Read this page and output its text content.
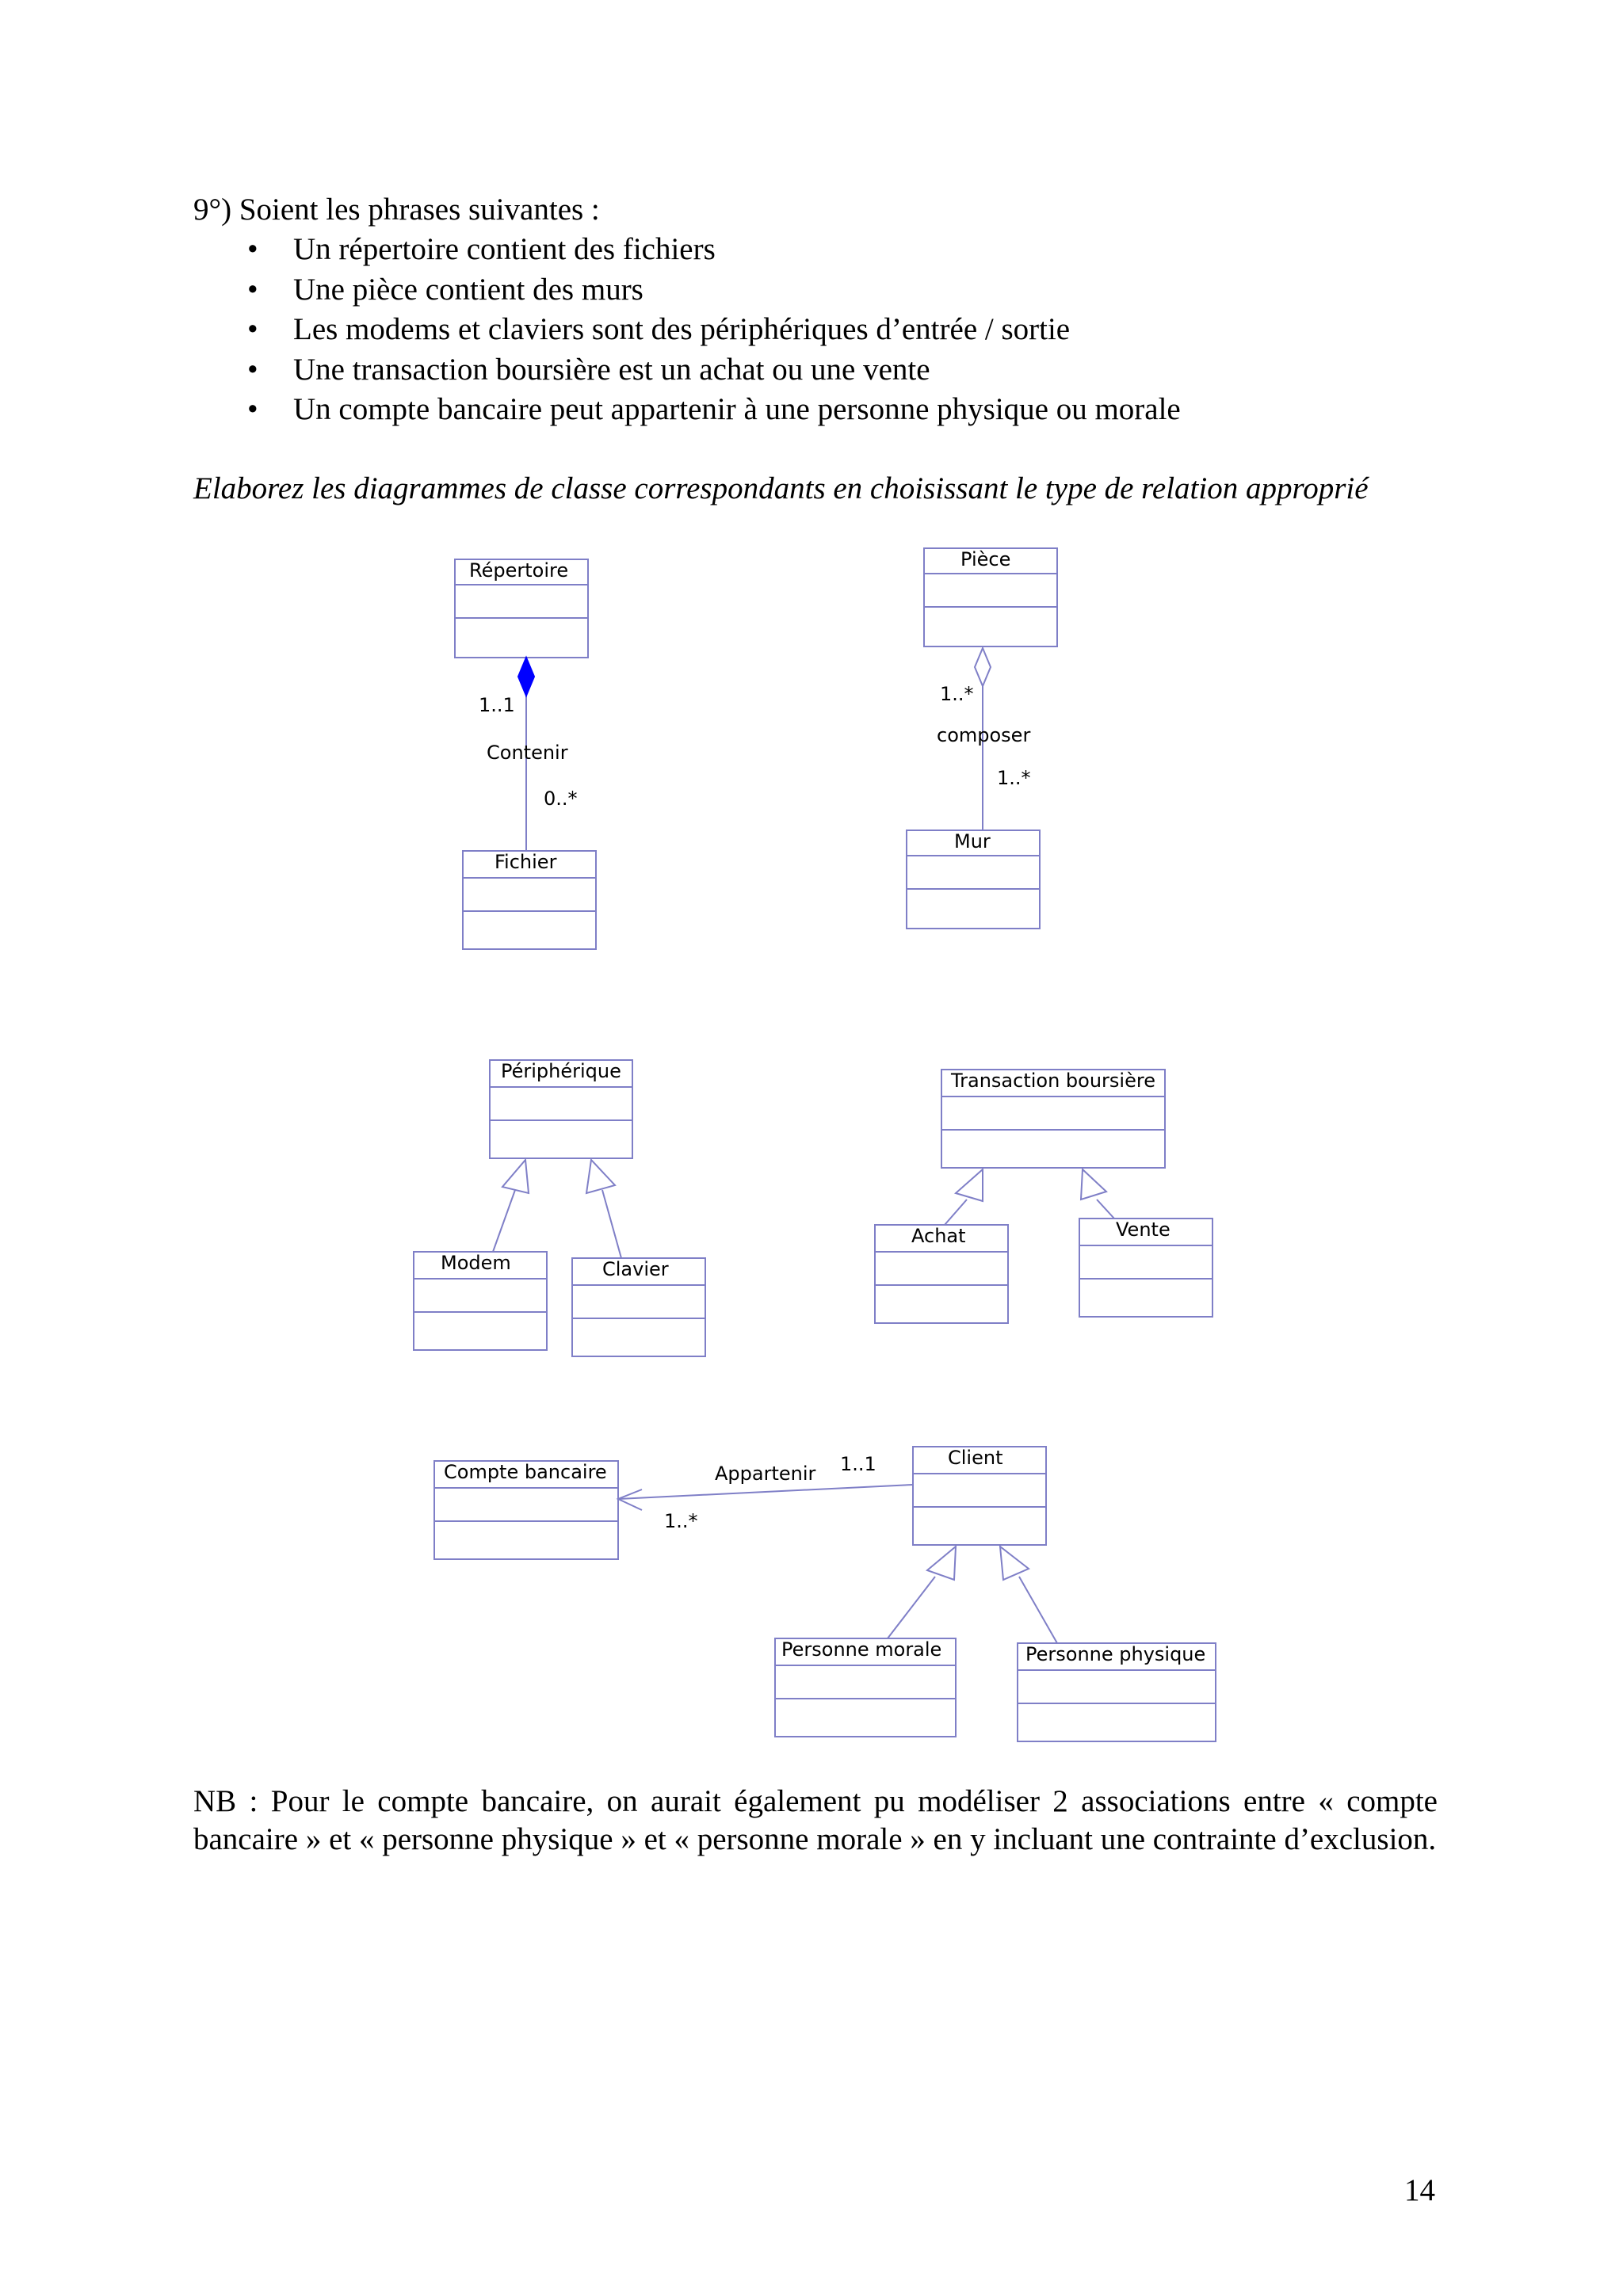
9°) Soient les phrases suivantes :
• Un répertoire contient des fichiers
• Une pièce contient des murs
• Les modems et claviers sont des périphériques d’entrée / sortie
• Une transaction boursière est un achat ou une vente
• Un compte bancaire peut appartenir à une personne physique ou morale
Elaborez les diagrammes de classe correspondants en choisissant le type de relation approprié
Répertoire
1..1
Contenir
0..*
Fichier
Pièce
1..*
composer
1..*
Mur
Périphérique
Modem	Clavier
Transaction boursière
Achat	Vente
Compte bancaire	Appartenir 1..1
1..*
Client
Personne morale	Personne physique
NB : Pour le compte bancaire, on aurait également pu modéliser 2 associations entre « compte bancaire » et « personne physique » et « personne morale » en y incluant une contrainte d’exclusion.
14
